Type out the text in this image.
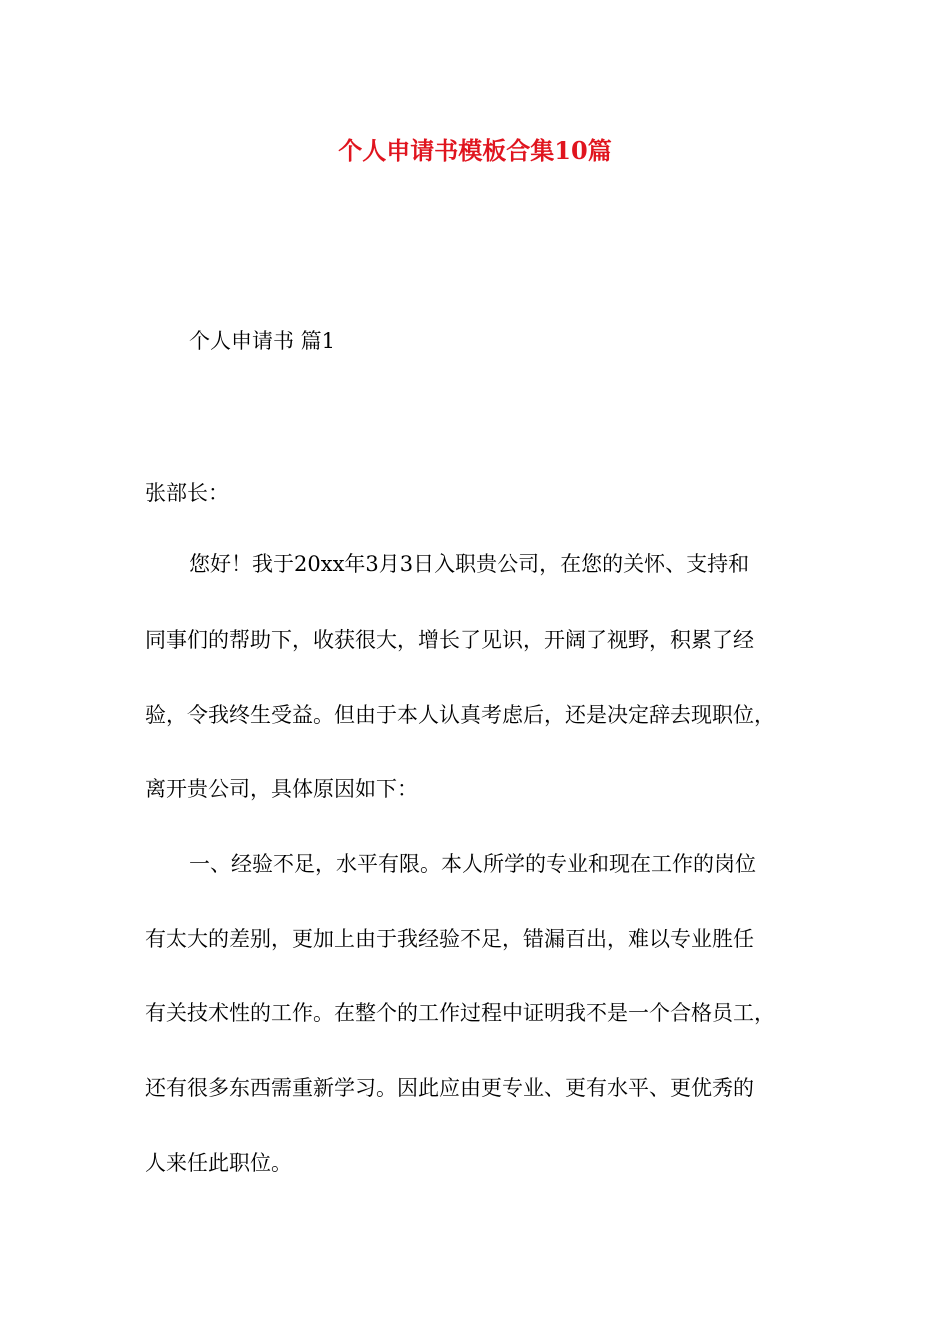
个人申请书模板合集10篇

个人申请书 篇1

张部长：

您好！我于20xx年3月3日入职贵公司，在您的关怀、支持和

同事们的帮助下，收获很大，增长了见识，开阔了视野，积累了经

验，令我终生受益。但由于本人认真考虑后，还是决定辞去现职位，

离开贵公司，具体原因如下：

一、经验不足，水平有限。本人所学的专业和现在工作的岗位

有太大的差别，更加上由于我经验不足，错漏百出，难以专业胜任

有关技术性的工作。在整个的工作过程中证明我不是一个合格员工，

还有很多东西需重新学习。因此应由更专业、更有水平、更优秀的

人来任此职位。
